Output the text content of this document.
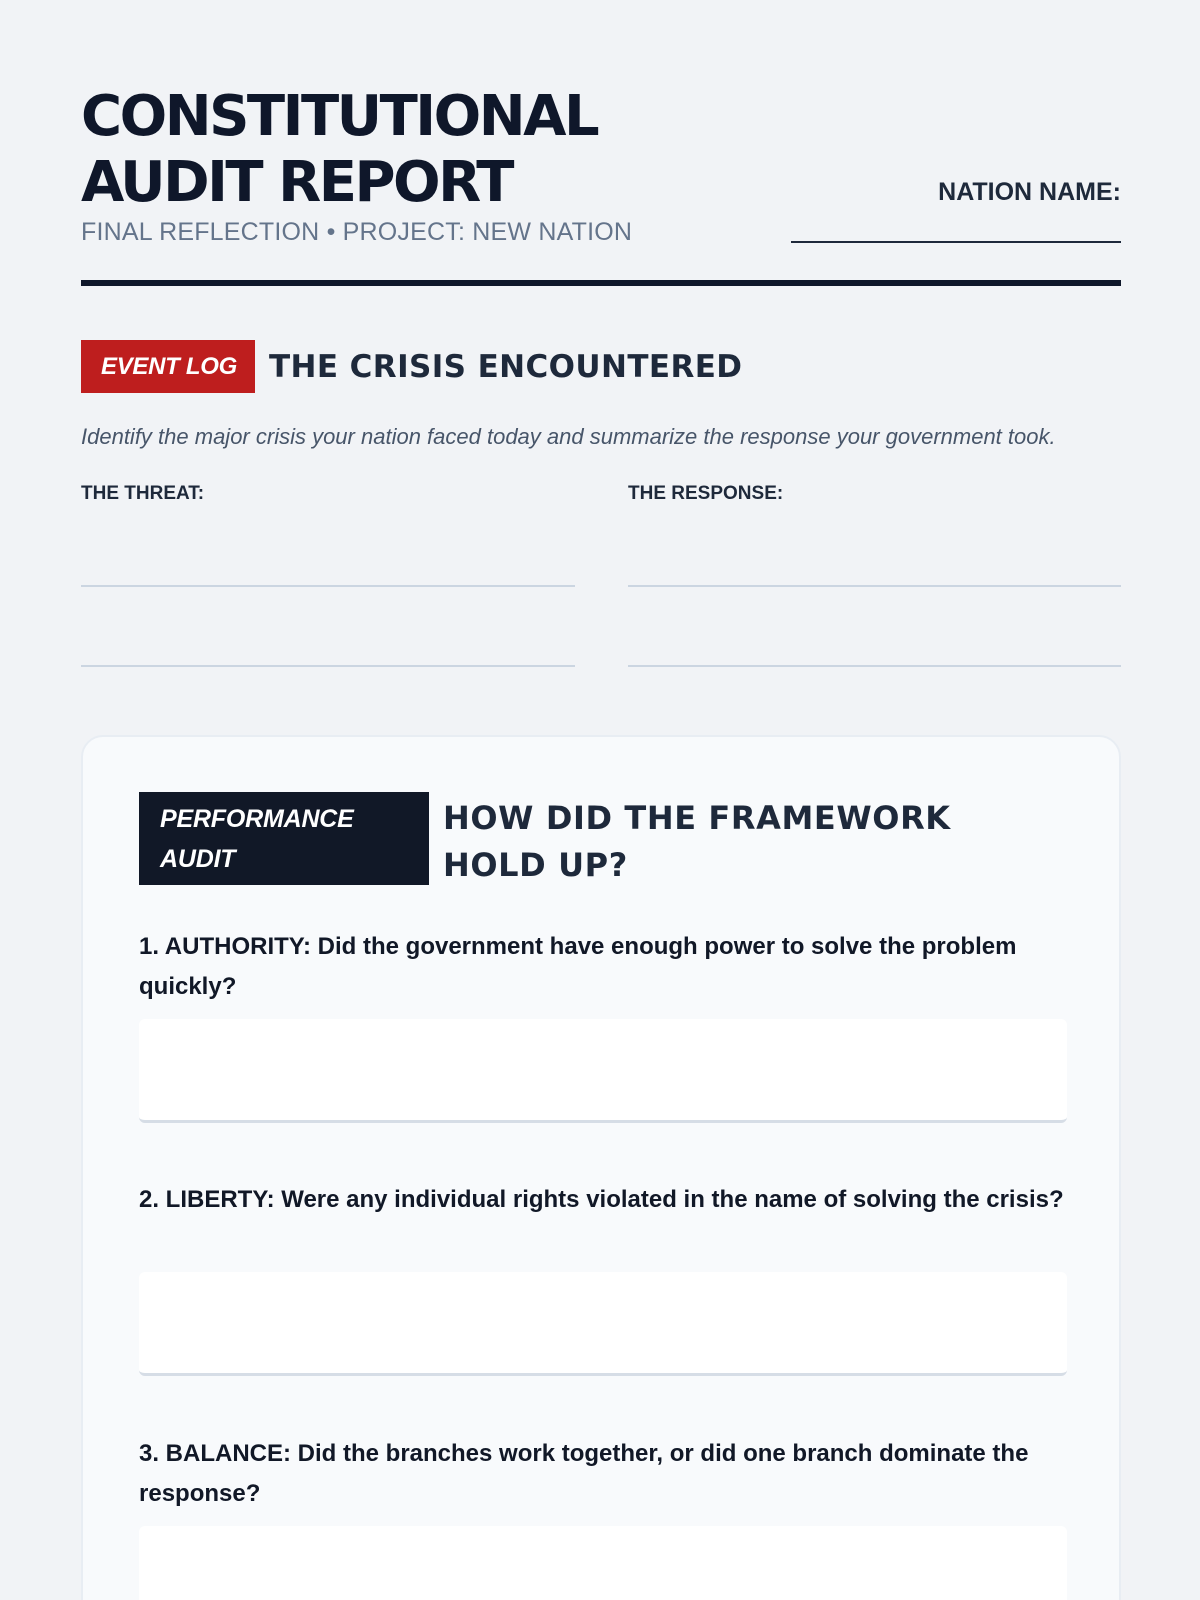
CONSTITUTIONAL
AUDIT REPORT
FINAL REFLECTION • PROJECT: NEW NATION
NATION NAME:
EVENT LOG	THE CRISIS ENCOUNTERED
Identify the major crisis your nation faced today and summarize the response your government took.
THE THREAT:	THE RESPONSE:
PERFORMANCE
AUDIT
HOW DID THE FRAMEWORK HOLD UP?
1. AUTHORITY: Did the government have enough power to solve the problem quickly?
2. LIBERTY: Were any individual rights violated in the name of solving the crisis?
3. BALANCE: Did the branches work together, or did one branch dominate the response?
